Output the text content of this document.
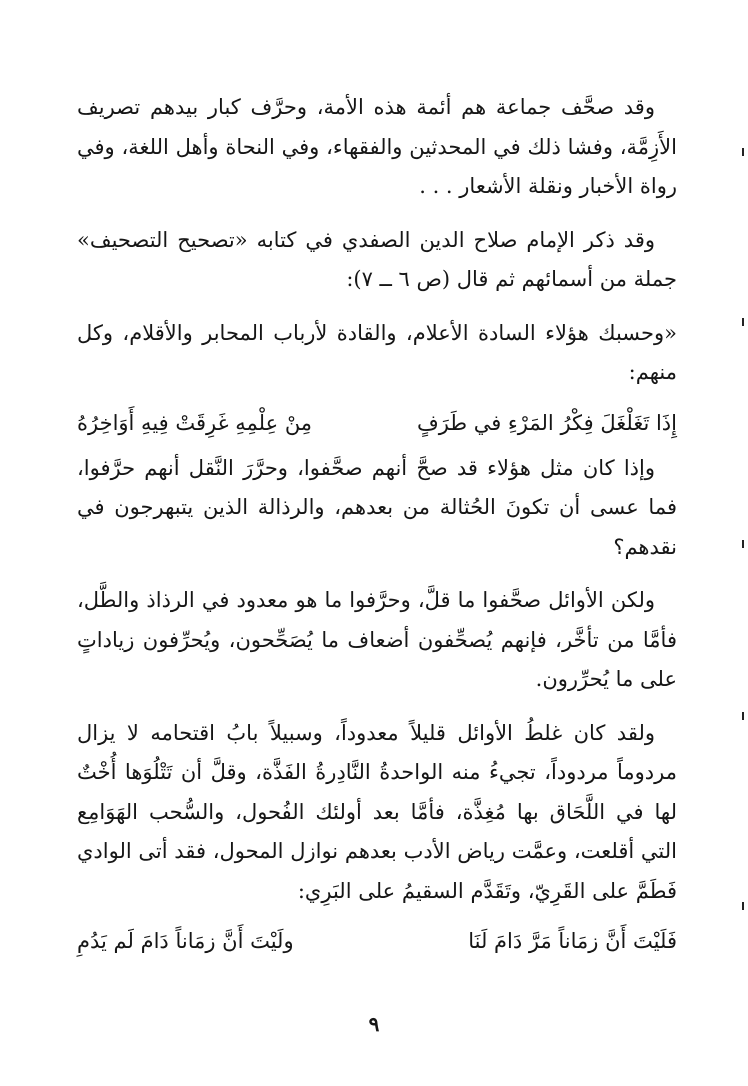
وقد صحَّف جماعة هم أئمة هذه الأمة، وحرَّف كبار بيدهم تصريف الأَزِمَّة، وفشا ذلك في المحدثين والفقهاء، وفي النحاة وأهل اللغة، وفي رواة الأخبار ونقلة الأشعار . . .

وقد ذكر الإمام صلاح الدين الصفدي في كتابه «تصحيح التصحيف» جملة من أسمائهم ثم قال (ص ٦ ــ ٧):

«وحسبك هؤلاء السادة الأعلام، والقادة لأرباب المحابر والأقلام، وكل منهم:

إِذَا تَغَلْغَلَ فِكْرُ المَرْءِ في طَرَفٍ
مِنْ عِلْمِهِ غَرِقَتْ فِيهِ أَوَاخِرُهُ

وإذا كان مثل هؤلاء قد صحَّ أنهم صحَّفوا، وحرَّرَ النَّقل أنهم حرَّفوا، فما عسى أن تكونَ الحُثالة من بعدهم، والرذالة الذين يتبهرجون في نقدهم؟

ولكن الأوائل صحَّفوا ما قلَّ، وحرَّفوا ما هو معدود في الرذاذ والطَّل، فأمَّا من تأخَّر، فإنهم يُصحِّفون أضعاف ما يُصَحِّحون، ويُحرِّفون زياداتٍ على ما يُحرِّرون.

ولقد كان غلطُ الأوائل قليلاً معدوداً، وسبيلاً بابُ اقتحامه لا يزال مردوماً مردوداً، تجيءُ منه الواحدةُ النَّادِرةُ الفَذَّة، وقلَّ أن تَتْلُوَها أُخْتٌ لها في اللَّحَاق بها مُغِذَّة، فأمَّا بعد أولئك الفُحول، والسُّحب الهَوَامِع التي أقلعت، وعمَّت رياض الأدب بعدهم نوازل المحول، فقد أتى الوادي فَطَمَّ على القَرِيّ، وتَقَدَّم السقيمُ على البَرِي:

فَلَيْتَ أَنَّ زمَاناً مَرَّ دَامَ لَنَا
ولَيْتَ أَنَّ زمَاناً دَامَ لَم يَدُمِ
٩
